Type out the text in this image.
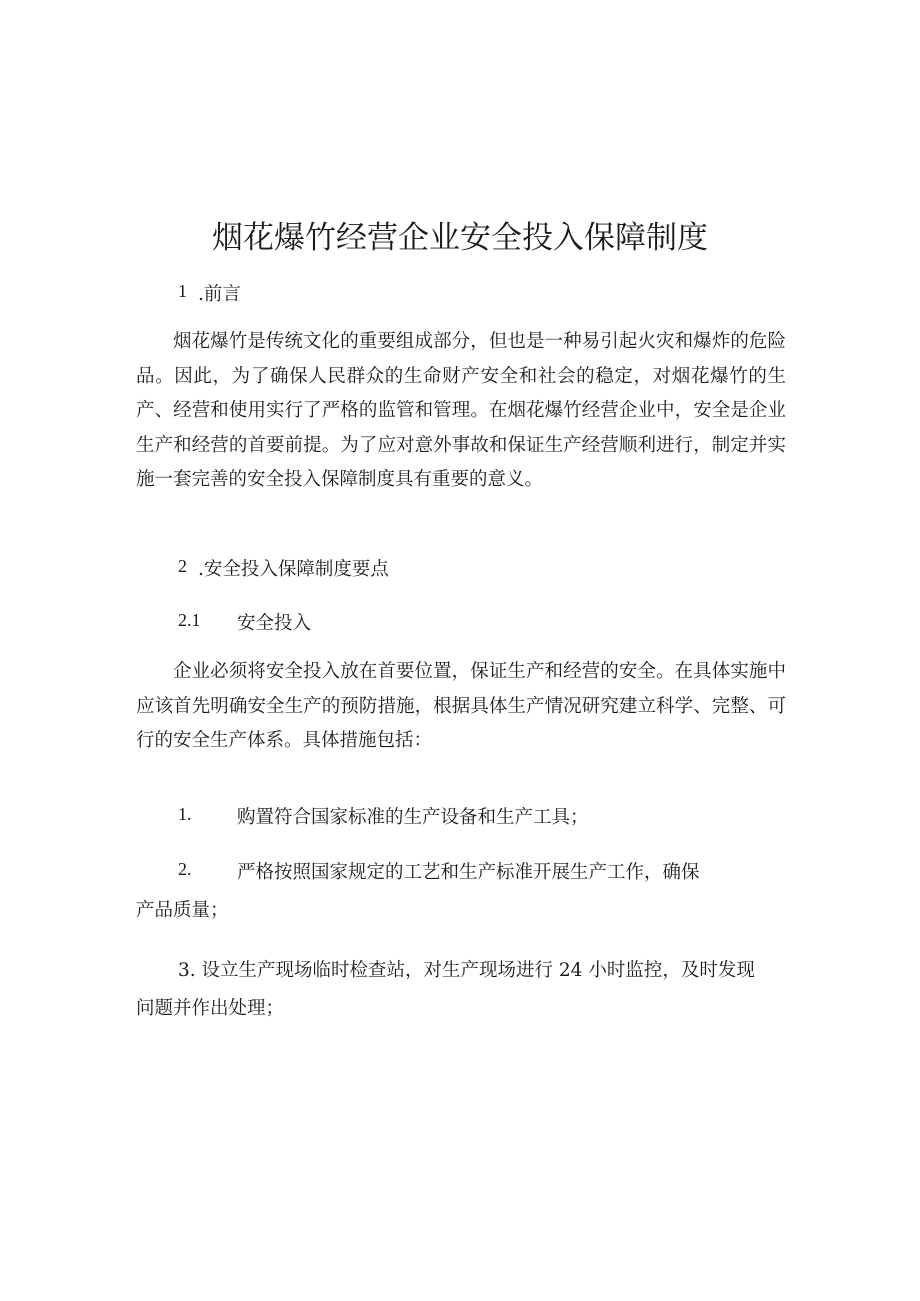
烟花爆竹经营企业安全投入保障制度
1 .前言

烟花爆竹是传统文化的重要组成部分，但也是一种易引起火灾和爆炸的危险品。因此，为了确保人民群众的生命财产安全和社会的稳定，对烟花爆竹的生产、经营和使用实行了严格的监管和管理。在烟花爆竹经营企业中，安全是企业生产和经营的首要前提。为了应对意外事故和保证生产经营顺利进行，制定并实施一套完善的安全投入保障制度具有重要的意义。

2 .安全投入保障制度要点
2.1 安全投入

企业必须将安全投入放在首要位置，保证生产和经营的安全。在具体实施中应该首先明确安全生产的预防措施，根据具体生产情况研究建立科学、完整、可行的安全生产体系。具体措施包括：

1. 购置符合国家标准的生产设备和生产工具；
2. 严格按照国家规定的工艺和生产标准开展生产工作，确保
产品质量；
3. 设立生产现场临时检查站，对生产现场进行 24 小时监控，及时发现
问题并作出处理；
